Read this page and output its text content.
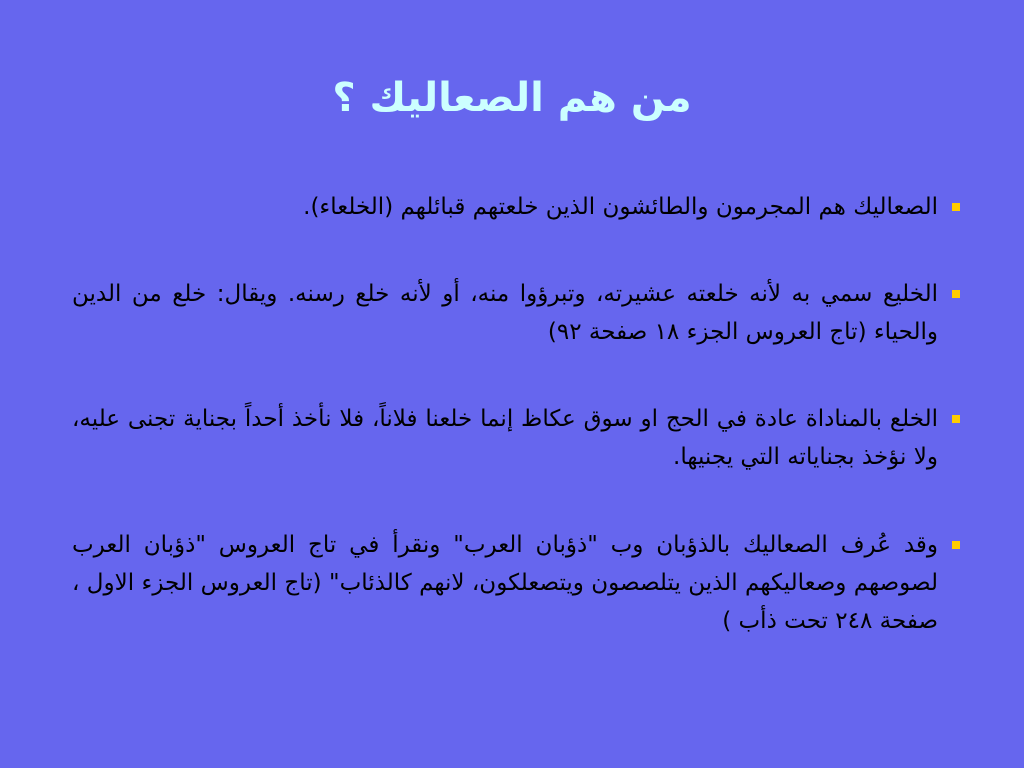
من هم الصعاليك ؟
الصعاليك هم المجرمون والطائشون الذين خلعتهم قبائلهم (الخلعاء).
الخليع سمي به لأنه خلعته عشيرته، وتبرؤوا منه، أو لأنه خلع رسنه. ويقال: خلع من الدين والحياء (تاج العروس الجزء ١٨ صفحة ٩٢)
الخلع بالمناداة عادة في الحج او سوق عكاظ إنما خلعنا فلاناً، فلا نأخذ أحداً بجناية تجنى عليه، ولا نؤخذ بجناياته التي يجنيها.
وقد عُرف الصعاليك بالذؤبان وب "ذؤبان العرب" ونقرأ في تاج العروس "ذؤبان العرب لصوصهم وصعاليكهم الذين يتلصصون ويتصعلكون، لانهم كالذئاب" (تاج العروس الجزء الاول ، صفحة ٢٤٨ تحت ذأب )
